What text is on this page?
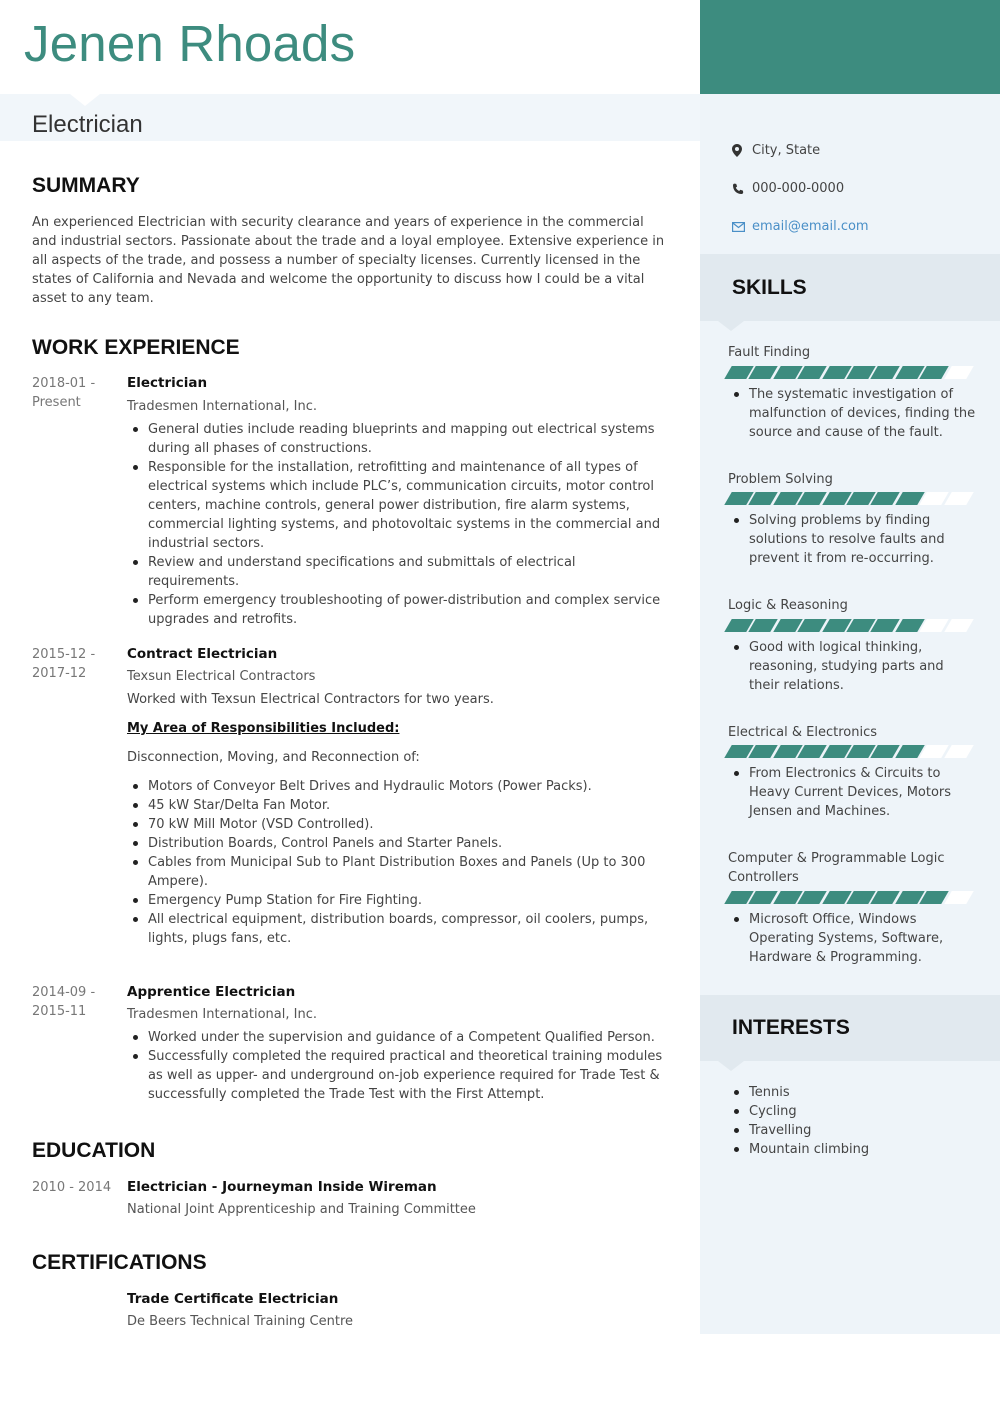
Jenen Rhoads
Electrician
SUMMARY
An experienced Electrician with security clearance and years of experience in the commercial and industrial sectors. Passionate about the trade and a loyal employee. Extensive experience in all aspects of the trade, and possess a number of specialty licenses. Currently licensed in the states of California and Nevada and welcome the opportunity to discuss how I could be a vital asset to any team.
WORK EXPERIENCE
2018-01 -
Present
Electrician
Tradesmen International, Inc.
General duties include reading blueprints and mapping out electrical systems during all phases of constructions.
Responsible for the installation, retrofitting and maintenance of all types of electrical systems which include PLC’s, communication circuits, motor control centers, machine controls, general power distribution, fire alarm systems, commercial lighting systems, and photovoltaic systems in the commercial and industrial sectors.
Review and understand specifications and submittals of electrical requirements.
Perform emergency troubleshooting of power-distribution and complex service upgrades and retrofits.
2015-12 -
2017-12
Contract Electrician
Texsun Electrical Contractors
Worked with Texsun Electrical Contractors for two years.
My Area of Responsibilities Included:
Disconnection, Moving, and Reconnection of:
Motors of Conveyor Belt Drives and Hydraulic Motors (Power Packs).
45 kW Star/Delta Fan Motor.
70 kW Mill Motor (VSD Controlled).
Distribution Boards, Control Panels and Starter Panels.
Cables from Municipal Sub to Plant Distribution Boxes and Panels (Up to 300 Ampere).
Emergency Pump Station for Fire Fighting.
All electrical equipment, distribution boards, compressor, oil coolers, pumps, lights, plugs fans, etc.
2014-09 -
2015-11
Apprentice Electrician
Tradesmen International, Inc.
Worked under the supervision and guidance of a Competent Qualified Person.
Successfully completed the required practical and theoretical training modules as well as upper- and underground on-job experience required for Trade Test & successfully completed the Trade Test with the First Attempt.
EDUCATION
2010 - 2014	Electrician - Journeyman Inside Wireman
National Joint Apprenticeship and Training Committee
CERTIFICATIONS
Trade Certificate Electrician
De Beers Technical Training Centre
City, State
000-000-0000
email@email.com
SKILLS
Fault Finding
The systematic investigation of malfunction of devices, finding the source and cause of the fault.
Problem Solving
Solving problems by finding solutions to resolve faults and prevent it from re-occurring.
Logic & Reasoning
Good with logical thinking, reasoning, studying parts and their relations.
Electrical & Electronics
From Electronics & Circuits to Heavy Current Devices, Motors Jensen and Machines.
Computer & Programmable Logic Controllers
Microsoft Office, Windows Operating Systems, Software, Hardware & Programming.
INTERESTS
Tennis
Cycling
Travelling
Mountain climbing
